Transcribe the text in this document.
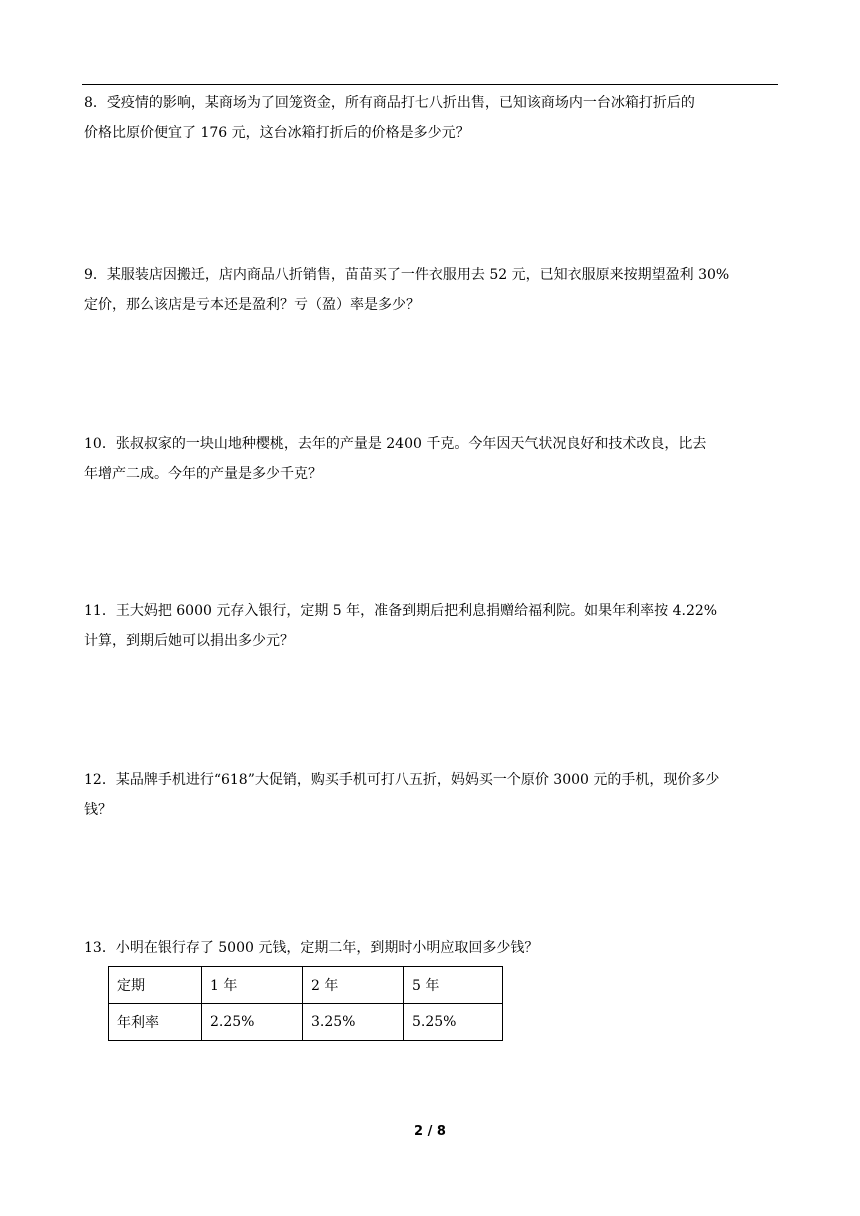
8．受疫情的影响，某商场为了回笼资金，所有商品打七八折出售，已知该商场内一台冰箱打折后的

价格比原价便宜了 176 元，这台冰箱打折后的价格是多少元？

9．某服装店因搬迁，店内商品八折销售，苗苗买了一件衣服用去 52 元，已知衣服原来按期望盈利 30%

定价，那么该店是亏本还是盈利？亏（盈）率是多少？

10．张叔叔家的一块山地种樱桃，去年的产量是 2400 千克。今年因天气状况良好和技术改良，比去

年增产二成。今年的产量是多少千克？

11．王大妈把 6000 元存入银行，定期 5 年，准备到期后把利息捐赠给福利院。如果年利率按 4.22%

计算，到期后她可以捐出多少元？

12．某品牌手机进行“618”大促销，购买手机可打八五折，妈妈买一个原价 3000 元的手机，现价多少

钱？

13．小明在银行存了 5000 元钱，定期二年，到期时小明应取回多少钱？

定期	1 年	2 年	5 年
年利率	2.25%	3.25%	5.25%
2 / 8
